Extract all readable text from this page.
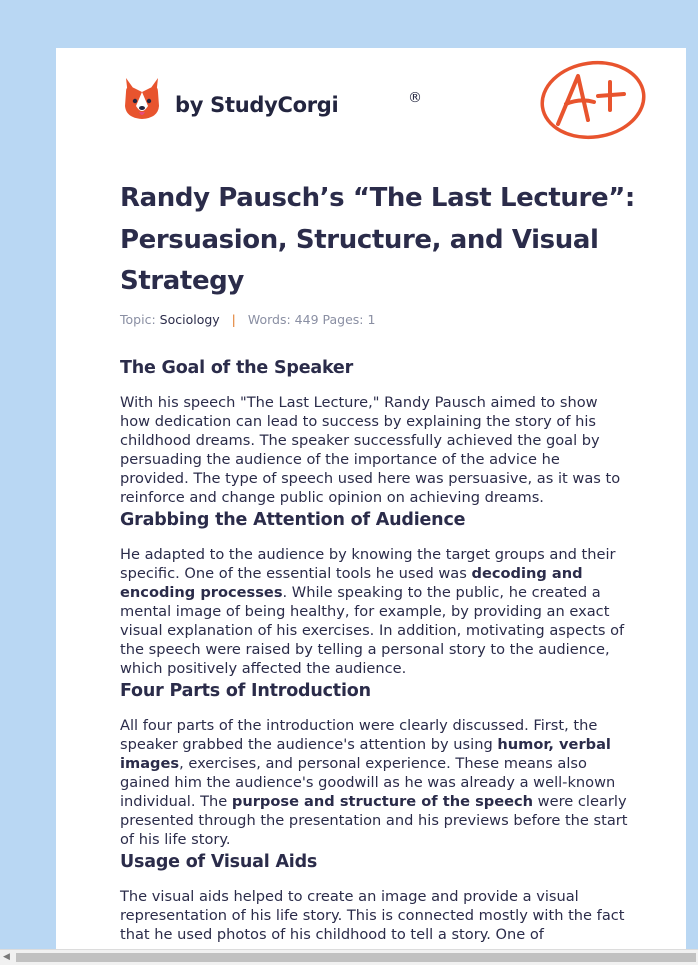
by StudyCorgi	®
Randy Pausch’s “The Last Lecture”: Persuasion, Structure, and Visual Strategy
Topic: Sociology | Words: 449 Pages: 1
The Goal of the Speaker

With his speech "The Last Lecture," Randy Pausch aimed to show how dedication can lead to success by explaining the story of his childhood dreams. The speaker successfully achieved the goal by persuading the audience of the importance of the advice he provided. The type of speech used here was persuasive, as it was to reinforce and change public opinion on achieving dreams.

Grabbing the Attention of Audience

He adapted to the audience by knowing the target groups and their specific. One of the essential tools he used was decoding and encoding processes. While speaking to the public, he created a mental image of being healthy, for example, by providing an exact visual explanation of his exercises. In addition, motivating aspects of the speech were raised by telling a personal story to the audience, which positively affected the audience.

Four Parts of Introduction

All four parts of the introduction were clearly discussed. First, the speaker grabbed the audience's attention by using humor, verbal images, exercises, and personal experience. These means also gained him the audience's goodwill as he was already a well-known individual. The purpose and structure of the speech were clearly presented through the presentation and his previews before the start of his life story.

Usage of Visual Aids

The visual aids helped to create an image and provide a visual representation of his life story. This is connected mostly with the fact that he used photos of his childhood to tell a story. One of

◀
